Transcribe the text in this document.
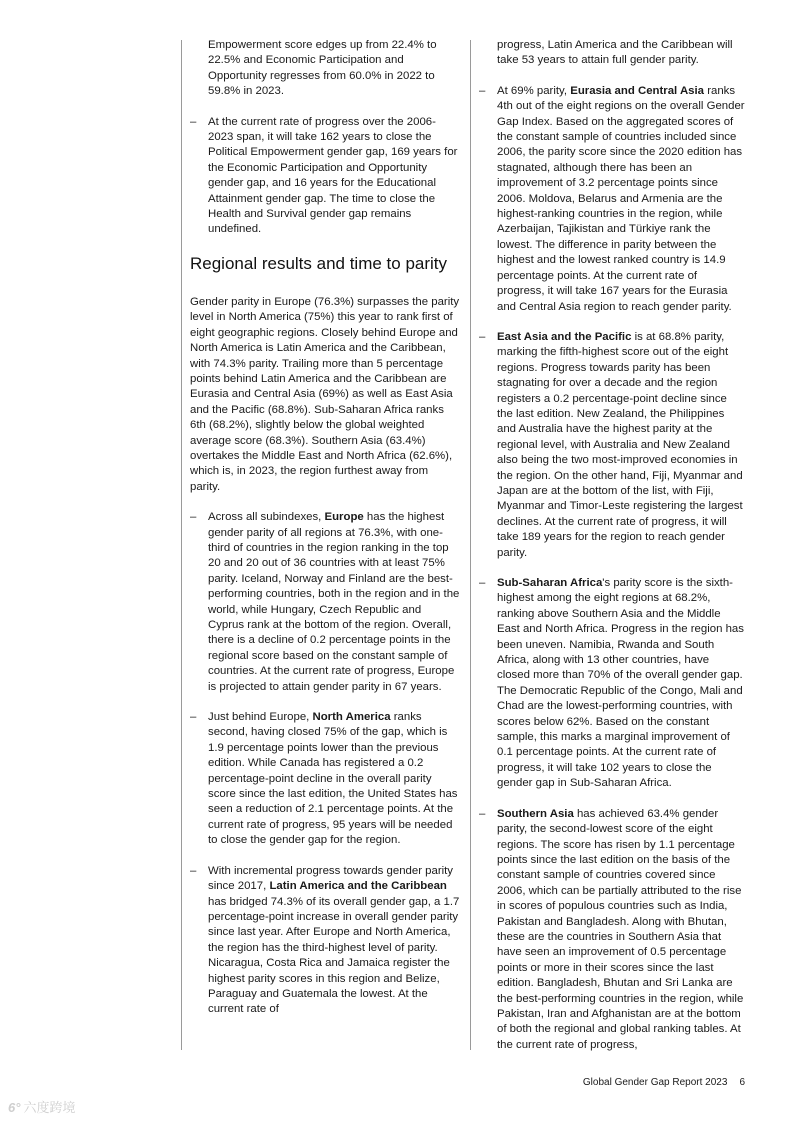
Empowerment score edges up from 22.4% to 22.5% and Economic Participation and Opportunity regresses from 60.0% in 2022 to 59.8% in 2023.
– At the current rate of progress over the 2006-2023 span, it will take 162 years to close the Political Empowerment gender gap, 169 years for the Economic Participation and Opportunity gender gap, and 16 years for the Educational Attainment gender gap. The time to close the Health and Survival gender gap remains undefined.
Regional results and time to parity

Gender parity in Europe (76.3%) surpasses the parity level in North America (75%) this year to rank first of eight geographic regions. Closely behind Europe and North America is Latin America and the Caribbean, with 74.3% parity. Trailing more than 5 percentage points behind Latin America and the Caribbean are Eurasia and Central Asia (69%) as well as East Asia and the Pacific (68.8%). Sub-Saharan Africa ranks 6th (68.2%), slightly below the global weighted average score (68.3%). Southern Asia (63.4%) overtakes the Middle East and North Africa (62.6%), which is, in 2023, the region furthest away from parity.

– Across all subindexes, Europe has the highest gender parity of all regions at 76.3%, with one-third of countries in the region ranking in the top 20 and 20 out of 36 countries with at least 75% parity. Iceland, Norway and Finland are the best-performing countries, both in the region and in the world, while Hungary, Czech Republic and Cyprus rank at the bottom of the region. Overall, there is a decline of 0.2 percentage points in the regional score based on the constant sample of countries. At the current rate of progress, Europe is projected to attain gender parity in 67 years.
– Just behind Europe, North America ranks second, having closed 75% of the gap, which is 1.9 percentage points lower than the previous edition. While Canada has registered a 0.2 percentage-point decline in the overall parity score since the last edition, the United States has seen a reduction of 2.1 percentage points. At the current rate of progress, 95 years will be needed to close the gender gap for the region.
– With incremental progress towards gender parity since 2017, Latin America and the Caribbean has bridged 74.3% of its overall gender gap, a 1.7 percentage-point increase in overall gender parity since last year. After Europe and North America, the region has the third-highest level of parity. Nicaragua, Costa Rica and Jamaica register the highest parity scores in this region and Belize, Paraguay and Guatemala the lowest. At the current rate of
progress, Latin America and the Caribbean will take 53 years to attain full gender parity.
– At 69% parity, Eurasia and Central Asia ranks 4th out of the eight regions on the overall Gender Gap Index. Based on the aggregated scores of the constant sample of countries included since 2006, the parity score since the 2020 edition has stagnated, although there has been an improvement of 3.2 percentage points since 2006. Moldova, Belarus and Armenia are the highest-ranking countries in the region, while Azerbaijan, Tajikistan and Türkiye rank the lowest. The difference in parity between the highest and the lowest ranked country is 14.9 percentage points. At the current rate of progress, it will take 167 years for the Eurasia and Central Asia region to reach gender parity.
– East Asia and the Pacific is at 68.8% parity, marking the fifth-highest score out of the eight regions. Progress towards parity has been stagnating for over a decade and the region registers a 0.2 percentage-point decline since the last edition. New Zealand, the Philippines and Australia have the highest parity at the regional level, with Australia and New Zealand also being the two most-improved economies in the region. On the other hand, Fiji, Myanmar and Japan are at the bottom of the list, with Fiji, Myanmar and Timor-Leste registering the largest declines. At the current rate of progress, it will take 189 years for the region to reach gender parity.
– Sub-Saharan Africa's parity score is the sixth-highest among the eight regions at 68.2%, ranking above Southern Asia and the Middle East and North Africa. Progress in the region has been uneven. Namibia, Rwanda and South Africa, along with 13 other countries, have closed more than 70% of the overall gender gap. The Democratic Republic of the Congo, Mali and Chad are the lowest-performing countries, with scores below 62%. Based on the constant sample, this marks a marginal improvement of 0.1 percentage points. At the current rate of progress, it will take 102 years to close the gender gap in Sub-Saharan Africa.
– Southern Asia has achieved 63.4% gender parity, the second-lowest score of the eight regions. The score has risen by 1.1 percentage points since the last edition on the basis of the constant sample of countries covered since 2006, which can be partially attributed to the rise in scores of populous countries such as India, Pakistan and Bangladesh. Along with Bhutan, these are the countries in Southern Asia that have seen an improvement of 0.5 percentage points or more in their scores since the last edition. Bangladesh, Bhutan and Sri Lanka are the best-performing countries in the region, while Pakistan, Iran and Afghanistan are at the bottom of both the regional and global ranking tables. At the current rate of progress,
Global Gender Gap Report 2023 6
6° 六度跨境
